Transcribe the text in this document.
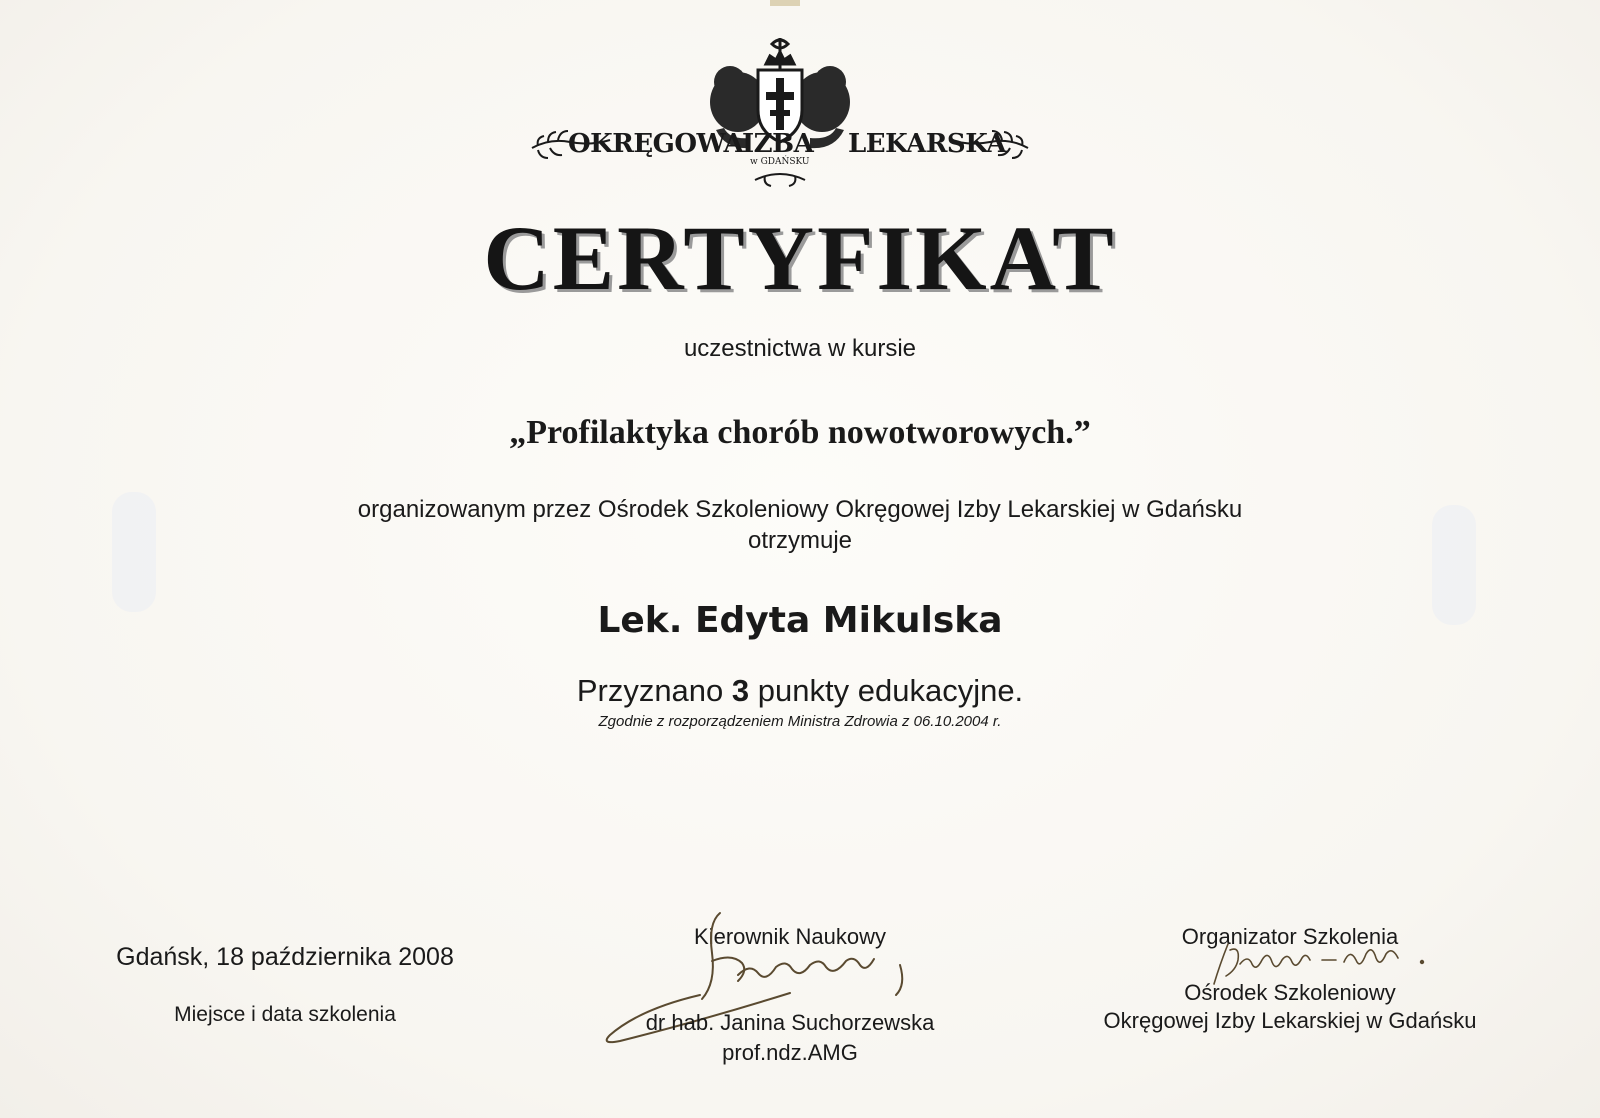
OKRĘGOWA
IZBA
w GDAŃSKU
LEKARSKA
CERTYFIKAT

uczestnictwa w kursie

„Profilaktyka chorób nowotworowych.”

organizowanym przez Ośrodek Szkoleniowy Okręgowej Izby Lekarskiej w Gdańsku

otrzymuje

Lek. Edyta Mikulska

Przyznano 3 punkty edukacyjne.

Zgodnie z rozporządzeniem Ministra Zdrowia z 06.10.2004 r.

Gdańsk, 18 października 2008

Miejsce i data szkolenia

Kierownik Naukowy

dr hab. Janina Suchorzewska

prof.ndz.AMG

Organizator Szkolenia

Ośrodek Szkoleniowy

Okręgowej Izby Lekarskiej w Gdańsku
